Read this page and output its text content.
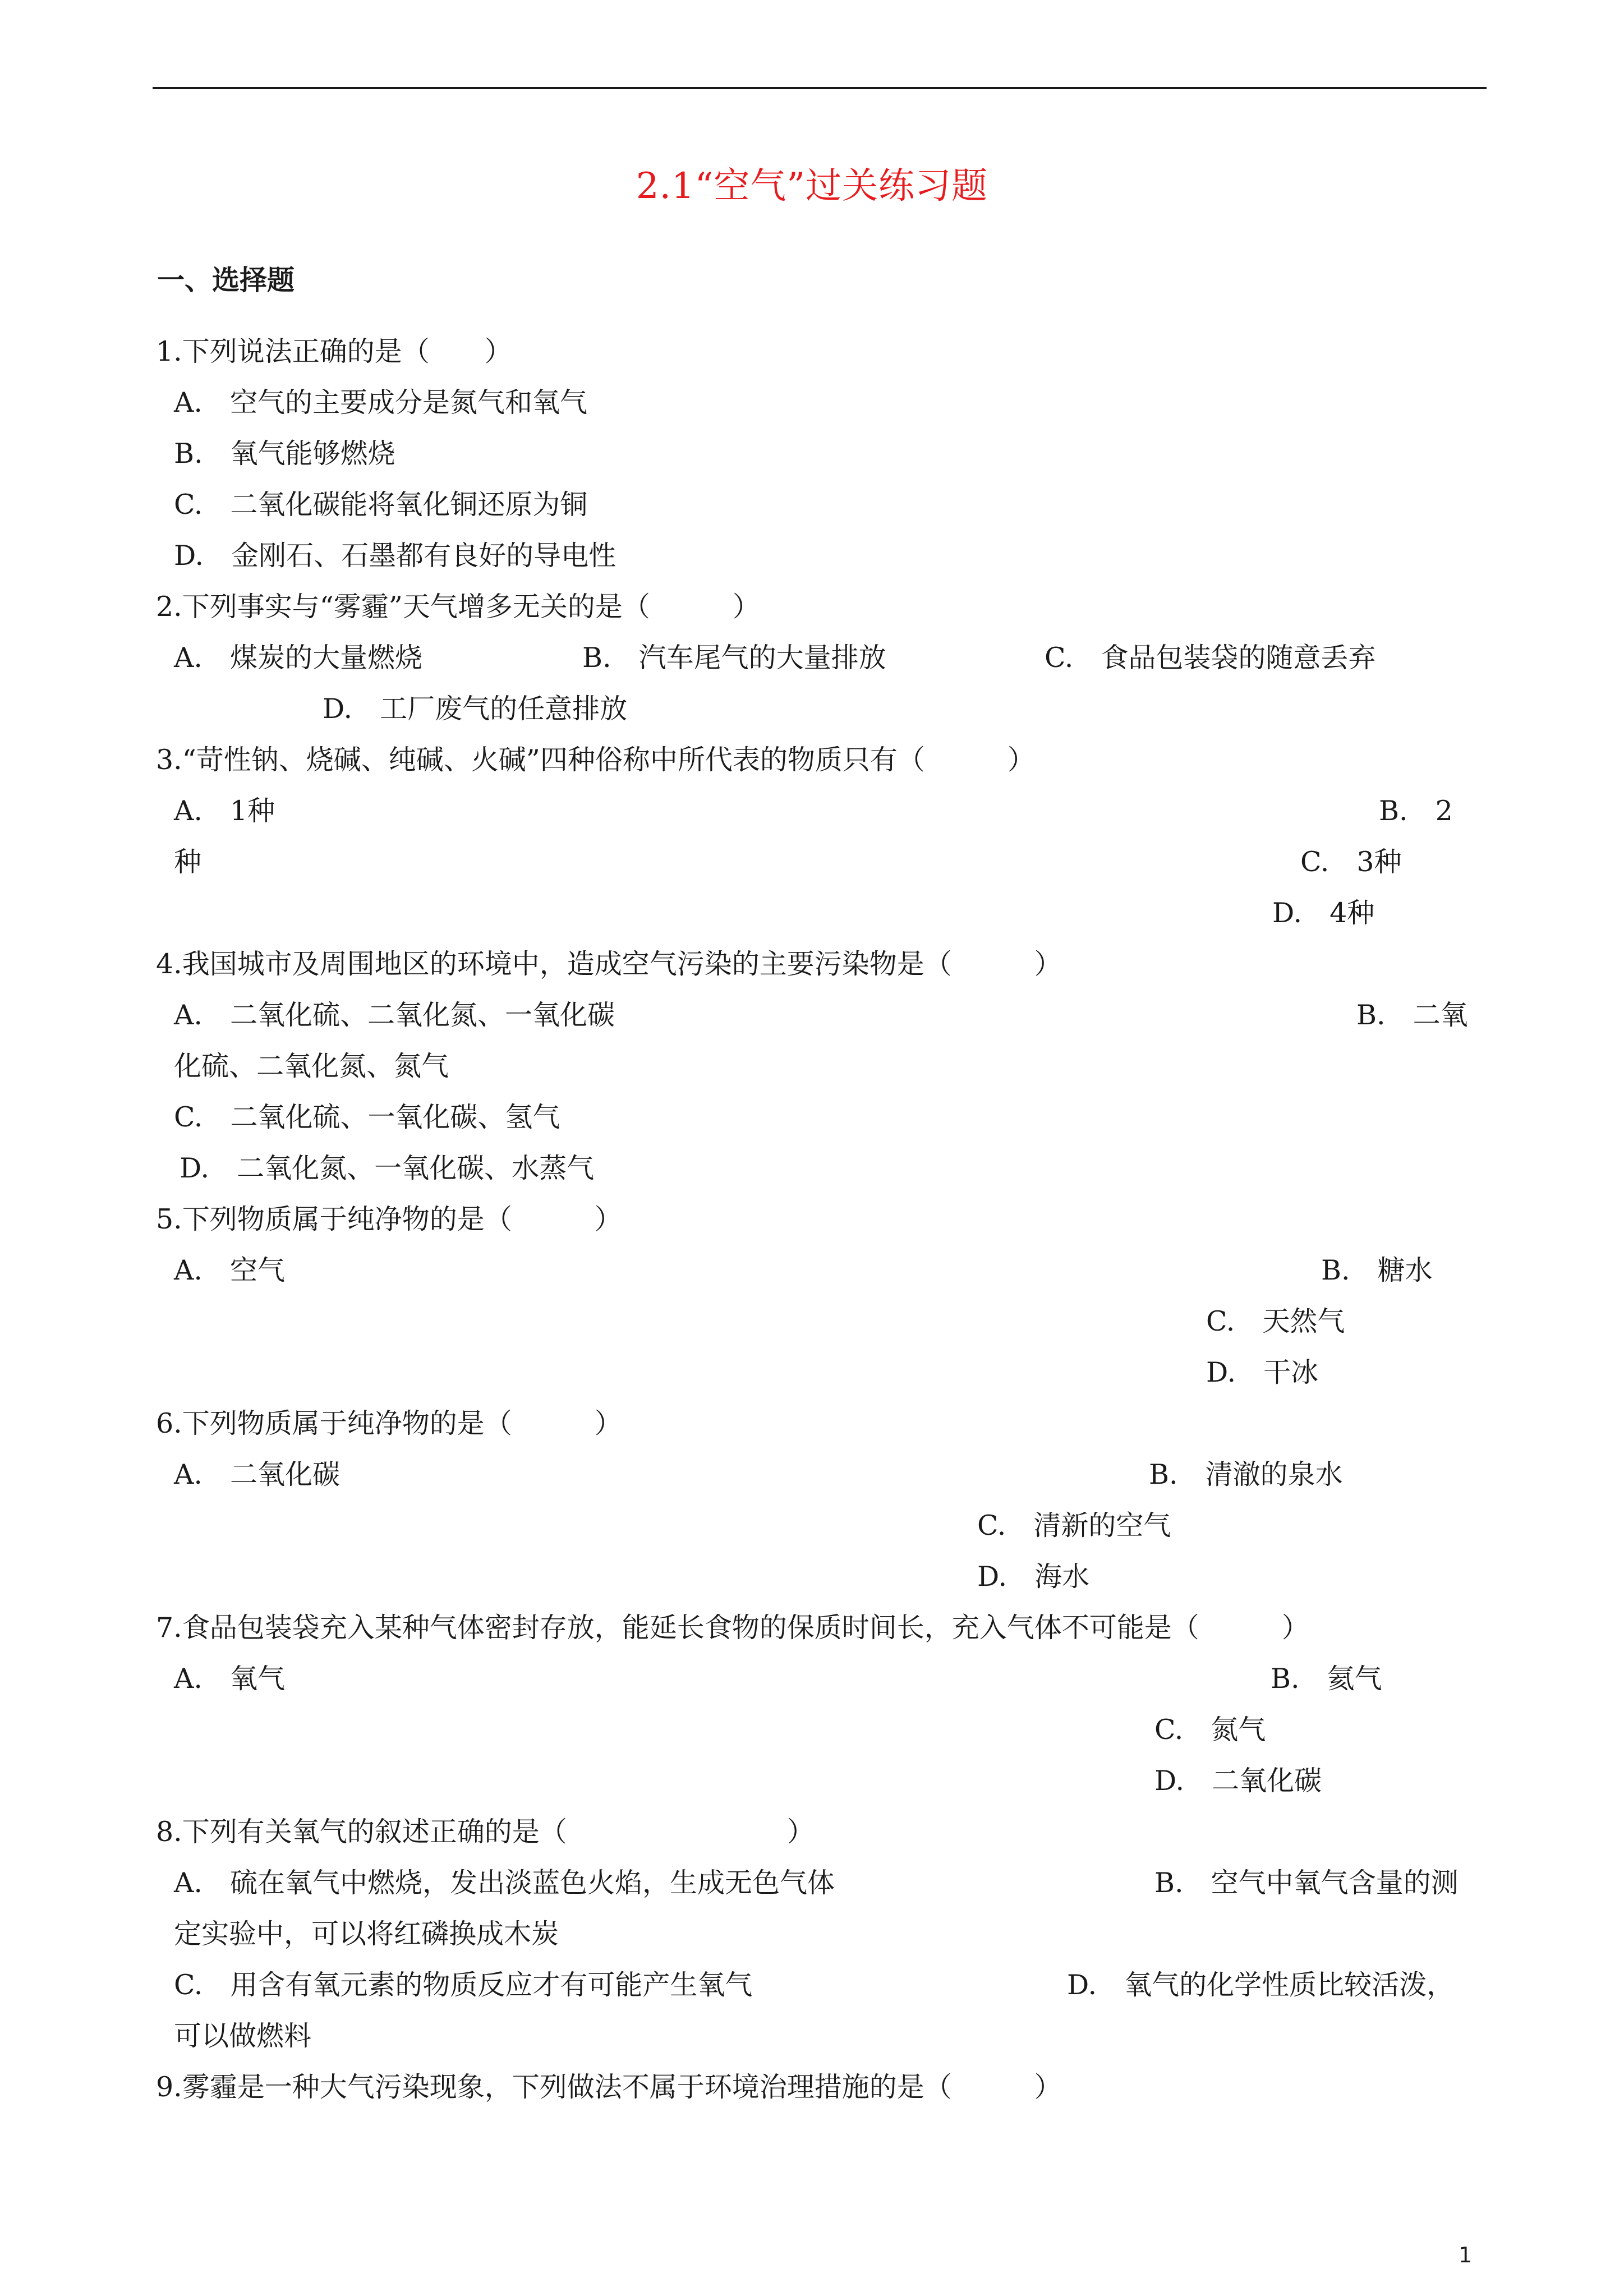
2.1“空气”过关练习题
一、选择题
1.下列说法正确的是（　　）
A.　空气的主要成分是氮气和氧气
B.　氧气能够燃烧
C.　二氧化碳能将氧化铜还原为铜
D.　金刚石、石墨都有良好的导电性
2.下列事实与“雾霾”天气增多无关的是（　　　）
A.　煤炭的大量燃烧	B.　汽车尾气的大量排放	C.　食品包装袋的随意丢弃
D.　工厂废气的任意排放
3.“苛性钠、烧碱、纯碱、火碱”四种俗称中所代表的物质只有（　　　）
A.　1种	B.　2
种	C.　3种
D.　4种
4.我国城市及周围地区的环境中，造成空气污染的主要污染物是（　　　）
A.　二氧化硫、二氧化氮、一氧化碳	B.　二氧
化硫、二氧化氮、氮气
C.　二氧化硫、一氧化碳、氢气
D.　二氧化氮、一氧化碳、水蒸气
5.下列物质属于纯净物的是（　　　）
A.　空气	B.　糖水
C.　天然气
D.　干冰
6.下列物质属于纯净物的是（　　　）
A.　二氧化碳	B.　清澈的泉水
C.　清新的空气
D.　海水
7.食品包装袋充入某种气体密封存放，能延长食物的保质时间长，充入气体不可能是（　　　）
A.　氧气	B.　氦气
C.　氮气
D.　二氧化碳
8.下列有关氧气的叙述正确的是（　　　　　　　　）
A.　硫在氧气中燃烧，发出淡蓝色火焰，生成无色气体	B.　空气中氧气含量的测
定实验中，可以将红磷换成木炭
C.　用含有氧元素的物质反应才有可能产生氧气	D.　氧气的化学性质比较活泼，
可以做燃料
9.雾霾是一种大气污染现象，下列做法不属于环境治理措施的是（　　　）
1
